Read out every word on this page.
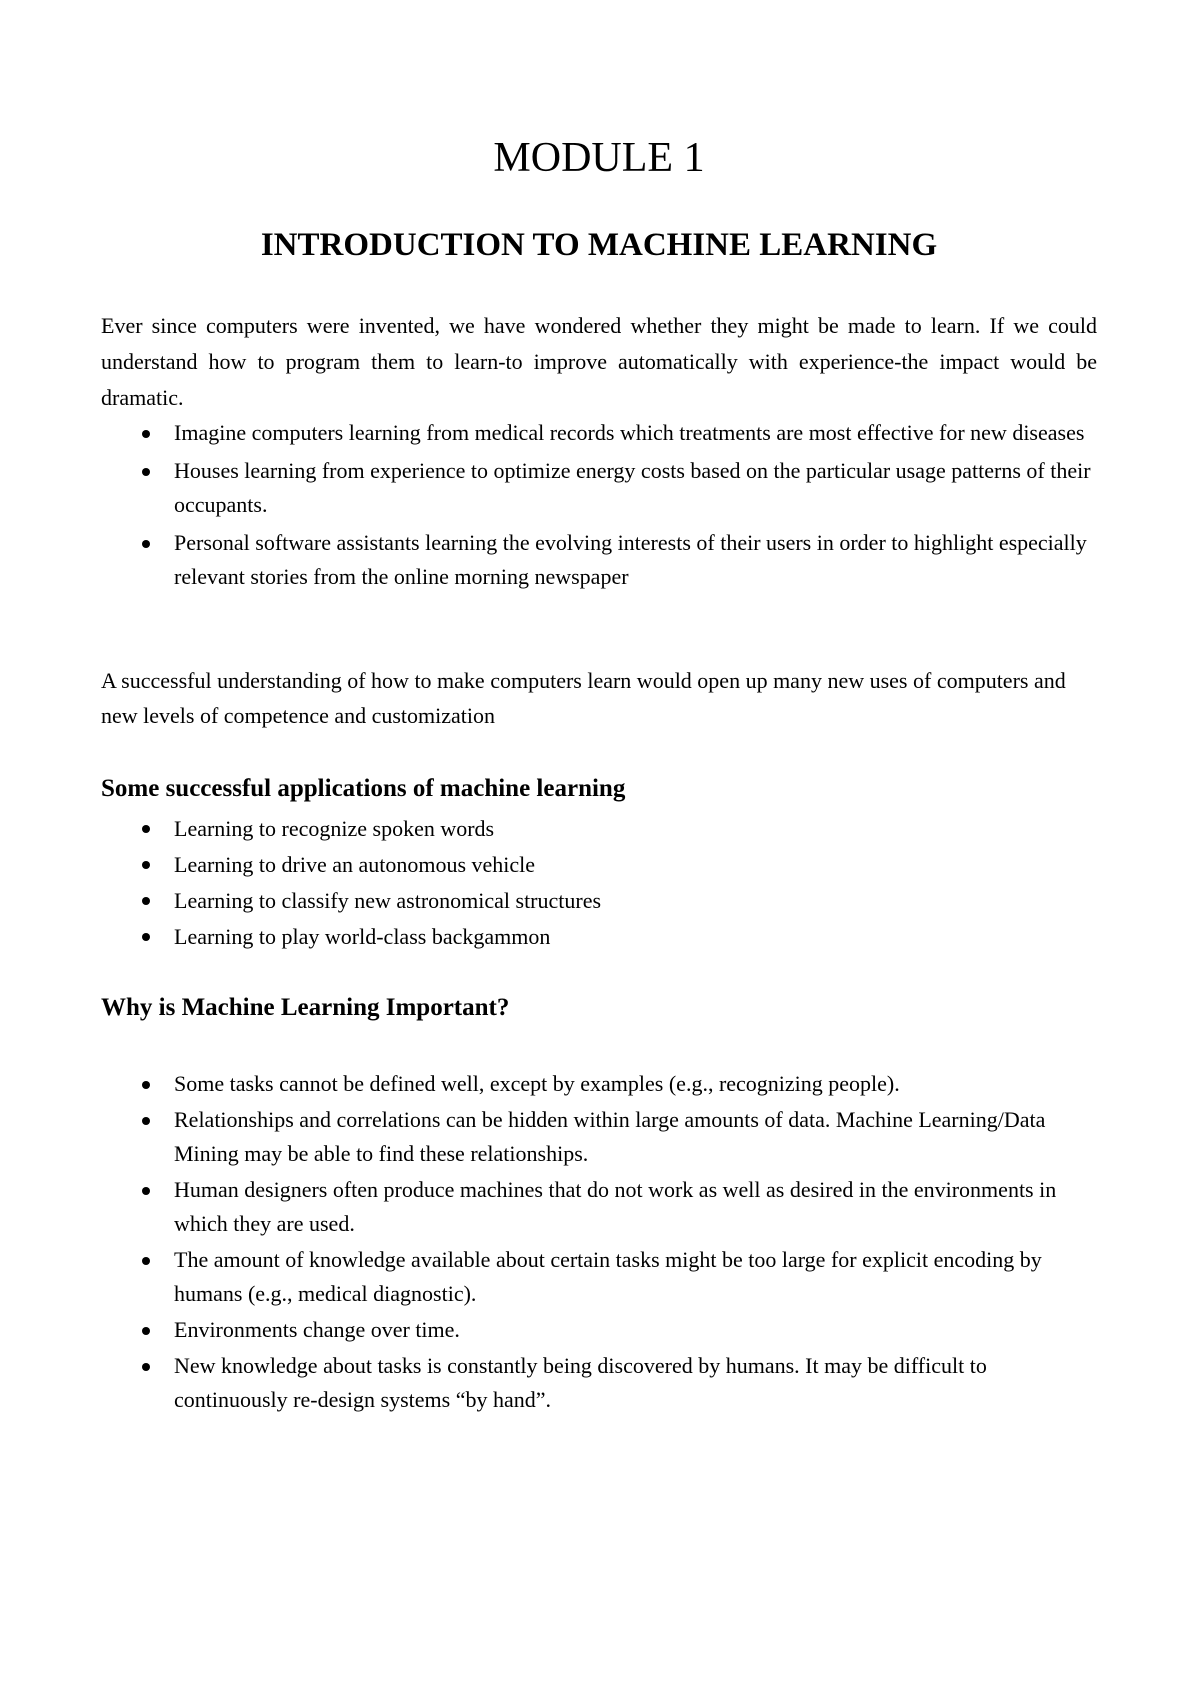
MODULE 1
INTRODUCTION TO MACHINE LEARNING

Ever since computers were invented, we have wondered whether they might be made to learn. If we could understand how to program them to learn-to improve automatically with experience-the impact would be dramatic.

Imagine computers learning from medical records which treatments are most effective for new diseases
Houses learning from experience to optimize energy costs based on the particular usage patterns of their occupants.
Personal software assistants learning the evolving interests of their users in order to highlight especially relevant stories from the online morning newspaper

A successful understanding of how to make computers learn would open up many new uses of computers and new levels of competence and customization

Some successful applications of machine learning
Learning to recognize spoken words
Learning to drive an autonomous vehicle
Learning to classify new astronomical structures
Learning to play world-class backgammon
Why is Machine Learning Important?
Some tasks cannot be defined well, except by examples (e.g., recognizing people).
Relationships and correlations can be hidden within large amounts of data. Machine Learning/Data Mining may be able to find these relationships.
Human designers often produce machines that do not work as well as desired in the environments in which they are used.
The amount of knowledge available about certain tasks might be too large for explicit encoding by humans (e.g., medical diagnostic).
Environments change over time.
New knowledge about tasks is constantly being discovered by humans. It may be difficult to continuously re-design systems “by hand”.
